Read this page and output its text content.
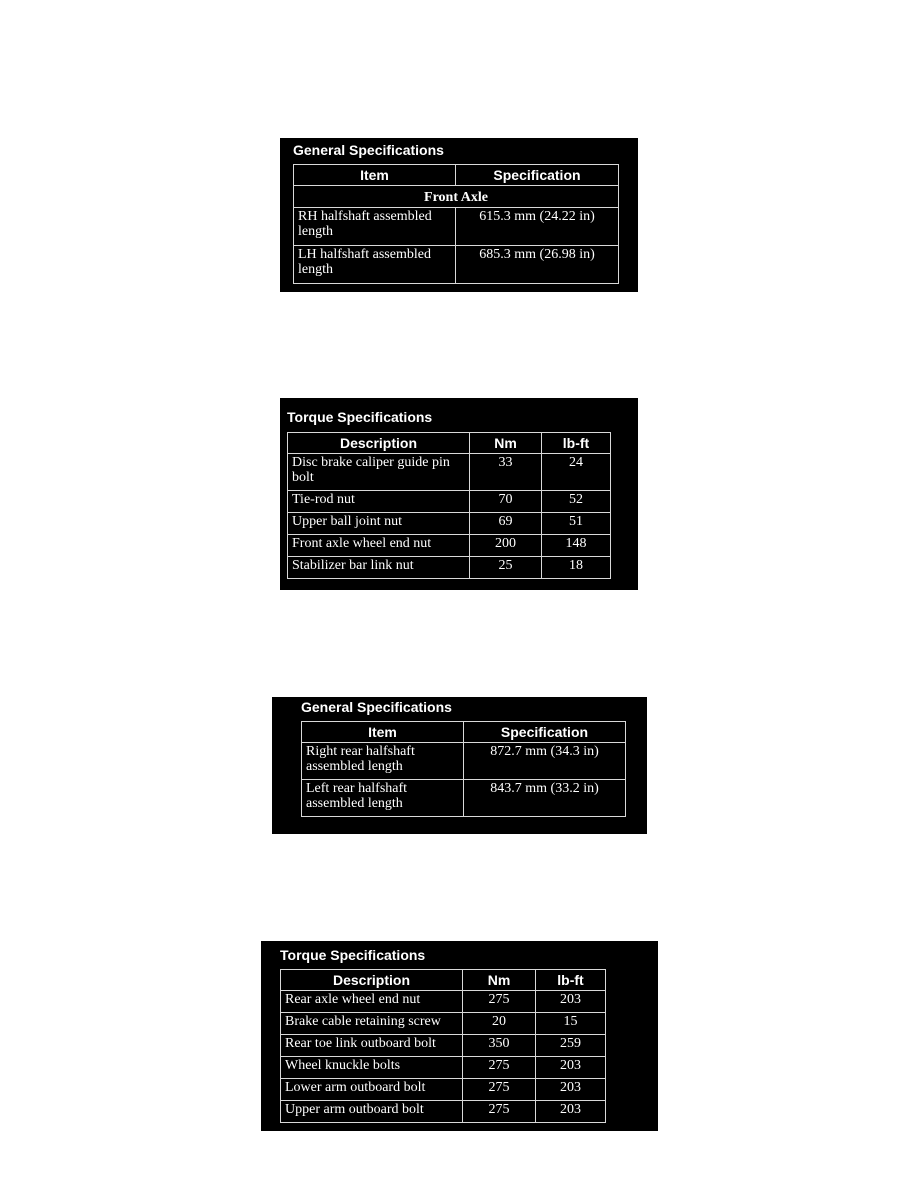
General Specifications
Item	Specification
Front Axle	
RH halfshaft assembled length	615.3 mm (24.22 in)
LH halfshaft assembled length	685.3 mm (26.98 in)
Torque Specifications
Description	Nm	lb-ft
Disc brake caliper guide pin bolt	33	24
Tie-rod nut	70	52
Upper ball joint nut	69	51
Front axle wheel end nut	200	148
Stabilizer bar link nut	25	18
General Specifications
Item	Specification
Right rear halfshaft assembled length	872.7 mm (34.3 in)
Left rear halfshaft assembled length	843.7 mm (33.2 in)
Torque Specifications
Description	Nm	lb-ft
Rear axle wheel end nut	275	203
Brake cable retaining screw	20	15
Rear toe link outboard bolt	350	259
Wheel knuckle bolts	275	203
Lower arm outboard bolt	275	203
Upper arm outboard bolt	275	203
